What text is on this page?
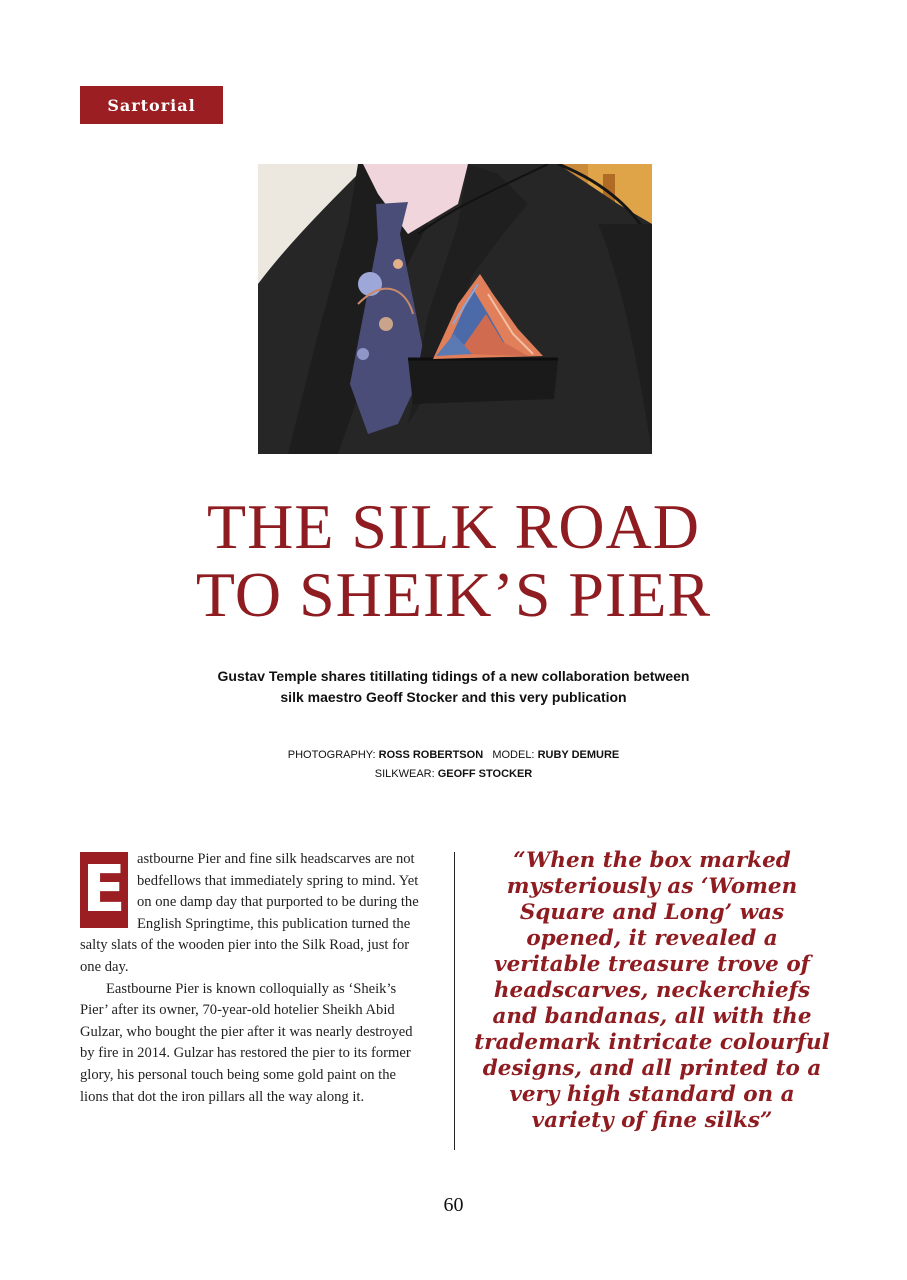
Sartorial
THE SILK ROAD
TO SHEIK’S PIER
Gustav Temple shares titillating tidings of a new collaboration between
silk maestro Geoff Stocker and this very publication
PHOTOGRAPHY: ROSS ROBERTSON MODEL: RUBY DEMURE
SILKWEAR: GEOFF STOCKER

E astbourne Pier and fine silk headscarves are not bedfellows that immediately spring to mind. Yet on one damp day that purported to be during the English Springtime, this publication turned the salty slats of the wooden pier into the Silk Road, just for one day.

Eastbourne Pier is known colloquially as ‘Sheik’s Pier’ after its owner, 70-year-old hotelier Sheikh Abid Gulzar, who bought the pier after it was nearly destroyed by fire in 2014. Gulzar has restored the pier to its former glory, his personal touch being some gold paint on the lions that dot the iron pillars all the way along it.

“When the box marked mysteriously as ‘Women Square and Long’ was opened, it revealed a veritable treasure trove of headscarves, neckerchiefs and bandanas, all with the trademark intricate colourful designs, and all printed to a very high standard on a variety of fine silks”
60
